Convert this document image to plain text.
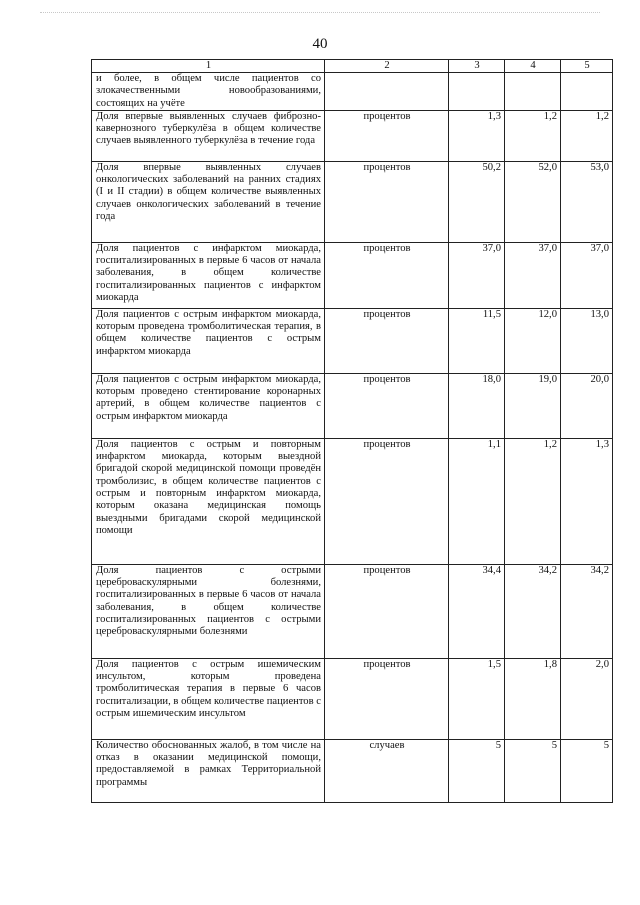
40
1	2	3	4	5
и более, в общем числе пациентов со злокачественными новообразованиями, состоящих на учёте				
Доля впервые выявленных случаев фиброзно-кавернозного туберкулёза в общем количестве случаев выявленного туберкулёза в течение года	процентов	1,3	1,2	1,2
Доля впервые выявленных случаев онкологических заболеваний на ранних стадиях (I и II стадии) в общем количестве выявленных случаев онкологических заболеваний в течение года	процентов	50,2	52,0	53,0
Доля пациентов с инфарктом миокарда, госпитализированных в первые 6 часов от начала заболевания, в общем количестве госпитализированных пациентов с инфарктом миокарда	процентов	37,0	37,0	37,0
Доля пациентов с острым инфарктом миокарда, которым проведена тромболитическая терапия, в общем количестве пациентов с острым инфарктом миокарда	процентов	11,5	12,0	13,0
Доля пациентов с острым инфарктом миокарда, которым проведено стентирование коронарных артерий, в общем количестве пациентов с острым инфарктом миокарда	процентов	18,0	19,0	20,0
Доля пациентов с острым и повторным инфарктом миокарда, которым выездной бригадой скорой медицинской помощи проведён тромболизис, в общем количестве пациентов с острым и повторным инфарктом миокарда, которым оказана медицинская помощь выездными бригадами скорой медицинской помощи	процентов	1,1	1,2	1,3
Доля пациентов с острыми цереброваскулярными болезнями, госпитализированных в первые 6 часов от начала заболевания, в общем количестве госпитализированных пациентов с острыми цереброваскулярными болезнями	процентов	34,4	34,2	34,2
Доля пациентов с острым ишемическим инсультом, которым проведена тромболитическая терапия в первые 6 часов госпитализации, в общем количестве пациентов с острым ишемическим инсультом	процентов	1,5	1,8	2,0
Количество обоснованных жалоб, в том числе на отказ в оказании медицинской помощи, предоставляемой в рамках Территориальной программы	случаев	5	5	5
